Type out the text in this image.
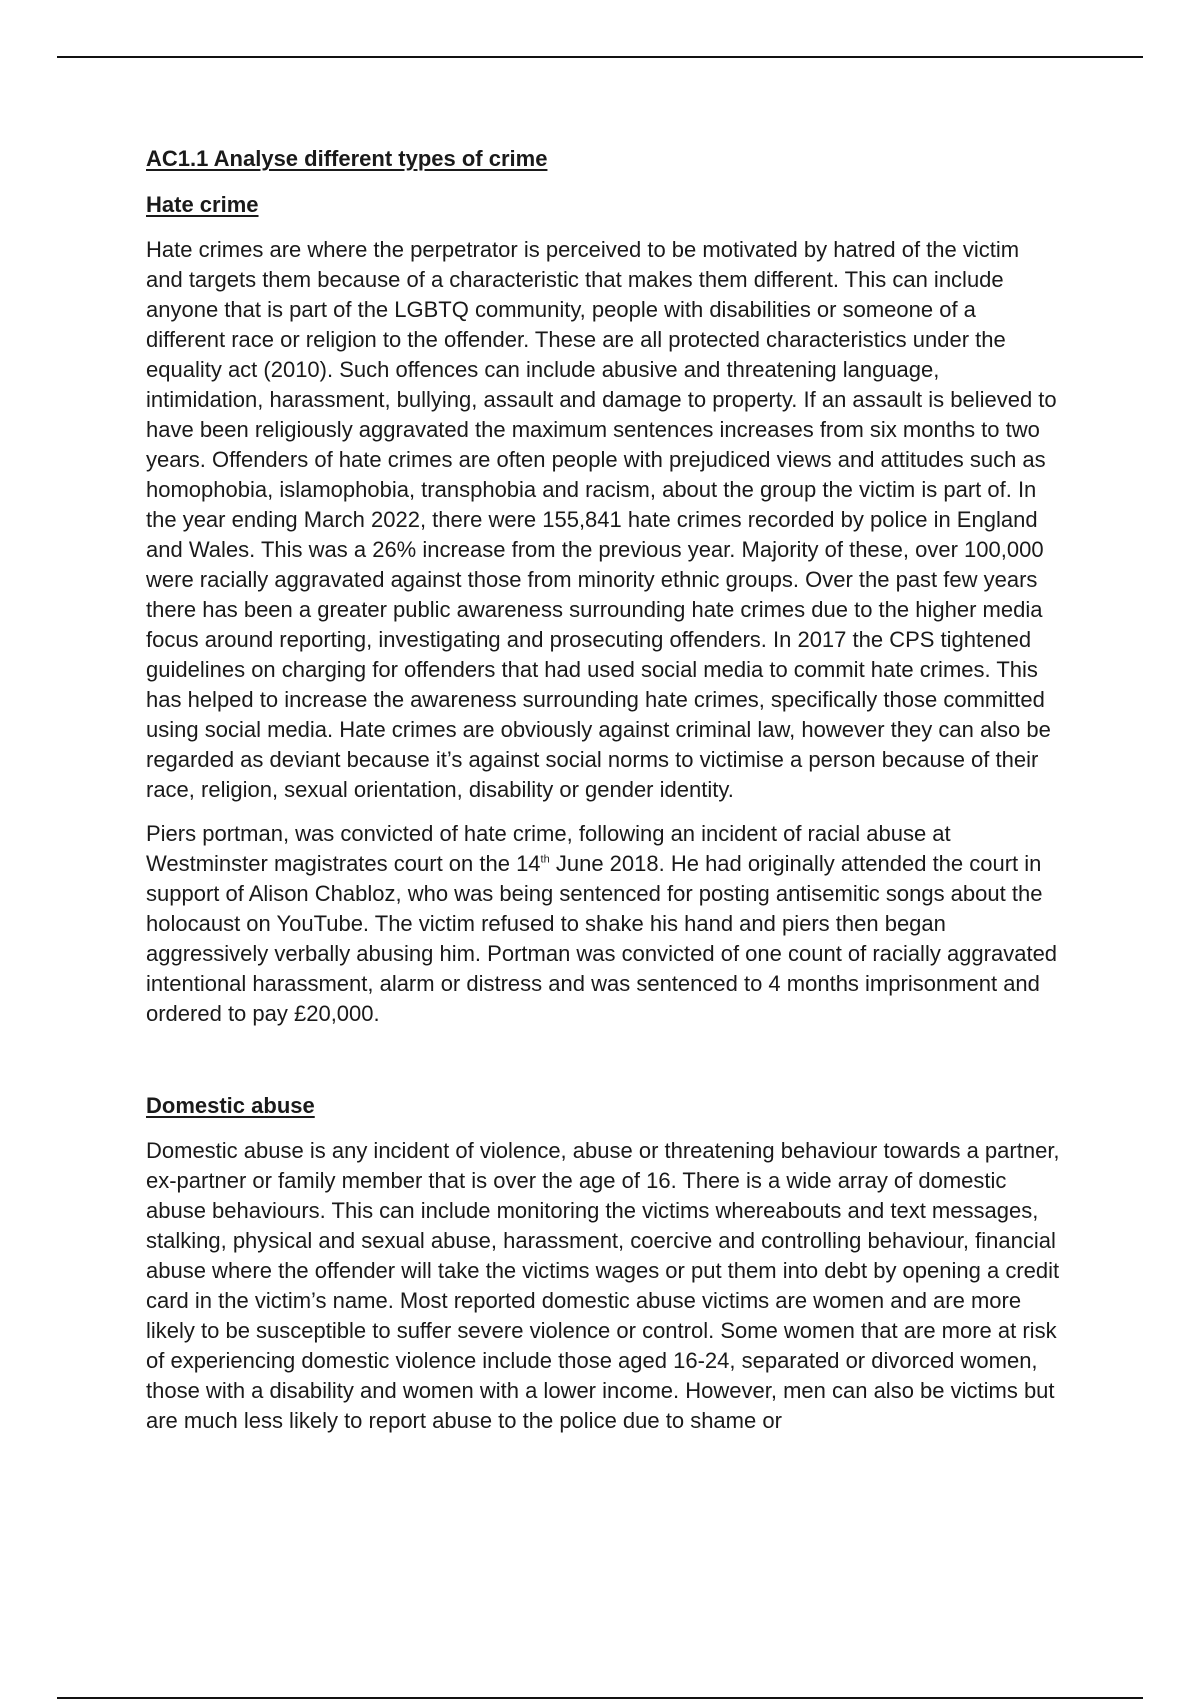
AC1.1 Analyse different types of crime
Hate crime

Hate crimes are where the perpetrator is perceived to be motivated by hatred of the victim and targets them because of a characteristic that makes them different. This can include anyone that is part of the LGBTQ community, people with disabilities or someone of a different race or religion to the offender. These are all protected characteristics under the equality act (2010). Such offences can include abusive and threatening language, intimidation, harassment, bullying, assault and damage to property. If an assault is believed to have been religiously aggravated the maximum sentences increases from six months to two years. Offenders of hate crimes are often people with prejudiced views and attitudes such as homophobia, islamophobia, transphobia and racism, about the group the victim is part of. In the year ending March 2022, there were 155,841 hate crimes recorded by police in England and Wales. This was a 26% increase from the previous year. Majority of these, over 100,000 were racially aggravated against those from minority ethnic groups. Over the past few years there has been a greater public awareness surrounding hate crimes due to the higher media focus around reporting, investigating and prosecuting offenders. In 2017 the CPS tightened guidelines on charging for offenders that had used social media to commit hate crimes. This has helped to increase the awareness surrounding hate crimes, specifically those committed using social media. Hate crimes are obviously against criminal law, however they can also be regarded as deviant because it’s against social norms to victimise a person because of their race, religion, sexual orientation, disability or gender identity.

Piers portman, was convicted of hate crime, following an incident of racial abuse at Westminster magistrates court on the 14th June 2018. He had originally attended the court in support of Alison Chabloz, who was being sentenced for posting antisemitic songs about the holocaust on YouTube. The victim refused to shake his hand and piers then began aggressively verbally abusing him. Portman was convicted of one count of racially aggravated intentional harassment, alarm or distress and was sentenced to 4 months imprisonment and ordered to pay £20,000.

Domestic abuse

Domestic abuse is any incident of violence, abuse or threatening behaviour towards a partner, ex-partner or family member that is over the age of 16. There is a wide array of domestic abuse behaviours. This can include monitoring the victims whereabouts and text messages, stalking, physical and sexual abuse, harassment, coercive and controlling behaviour, financial abuse where the offender will take the victims wages or put them into debt by opening a credit card in the victim’s name. Most reported domestic abuse victims are women and are more likely to be susceptible to suffer severe violence or control. Some women that are more at risk of experiencing domestic violence include those aged 16-24, separated or divorced women, those with a disability and women with a lower income. However, men can also be victims but are much less likely to report abuse to the police due to shame or
